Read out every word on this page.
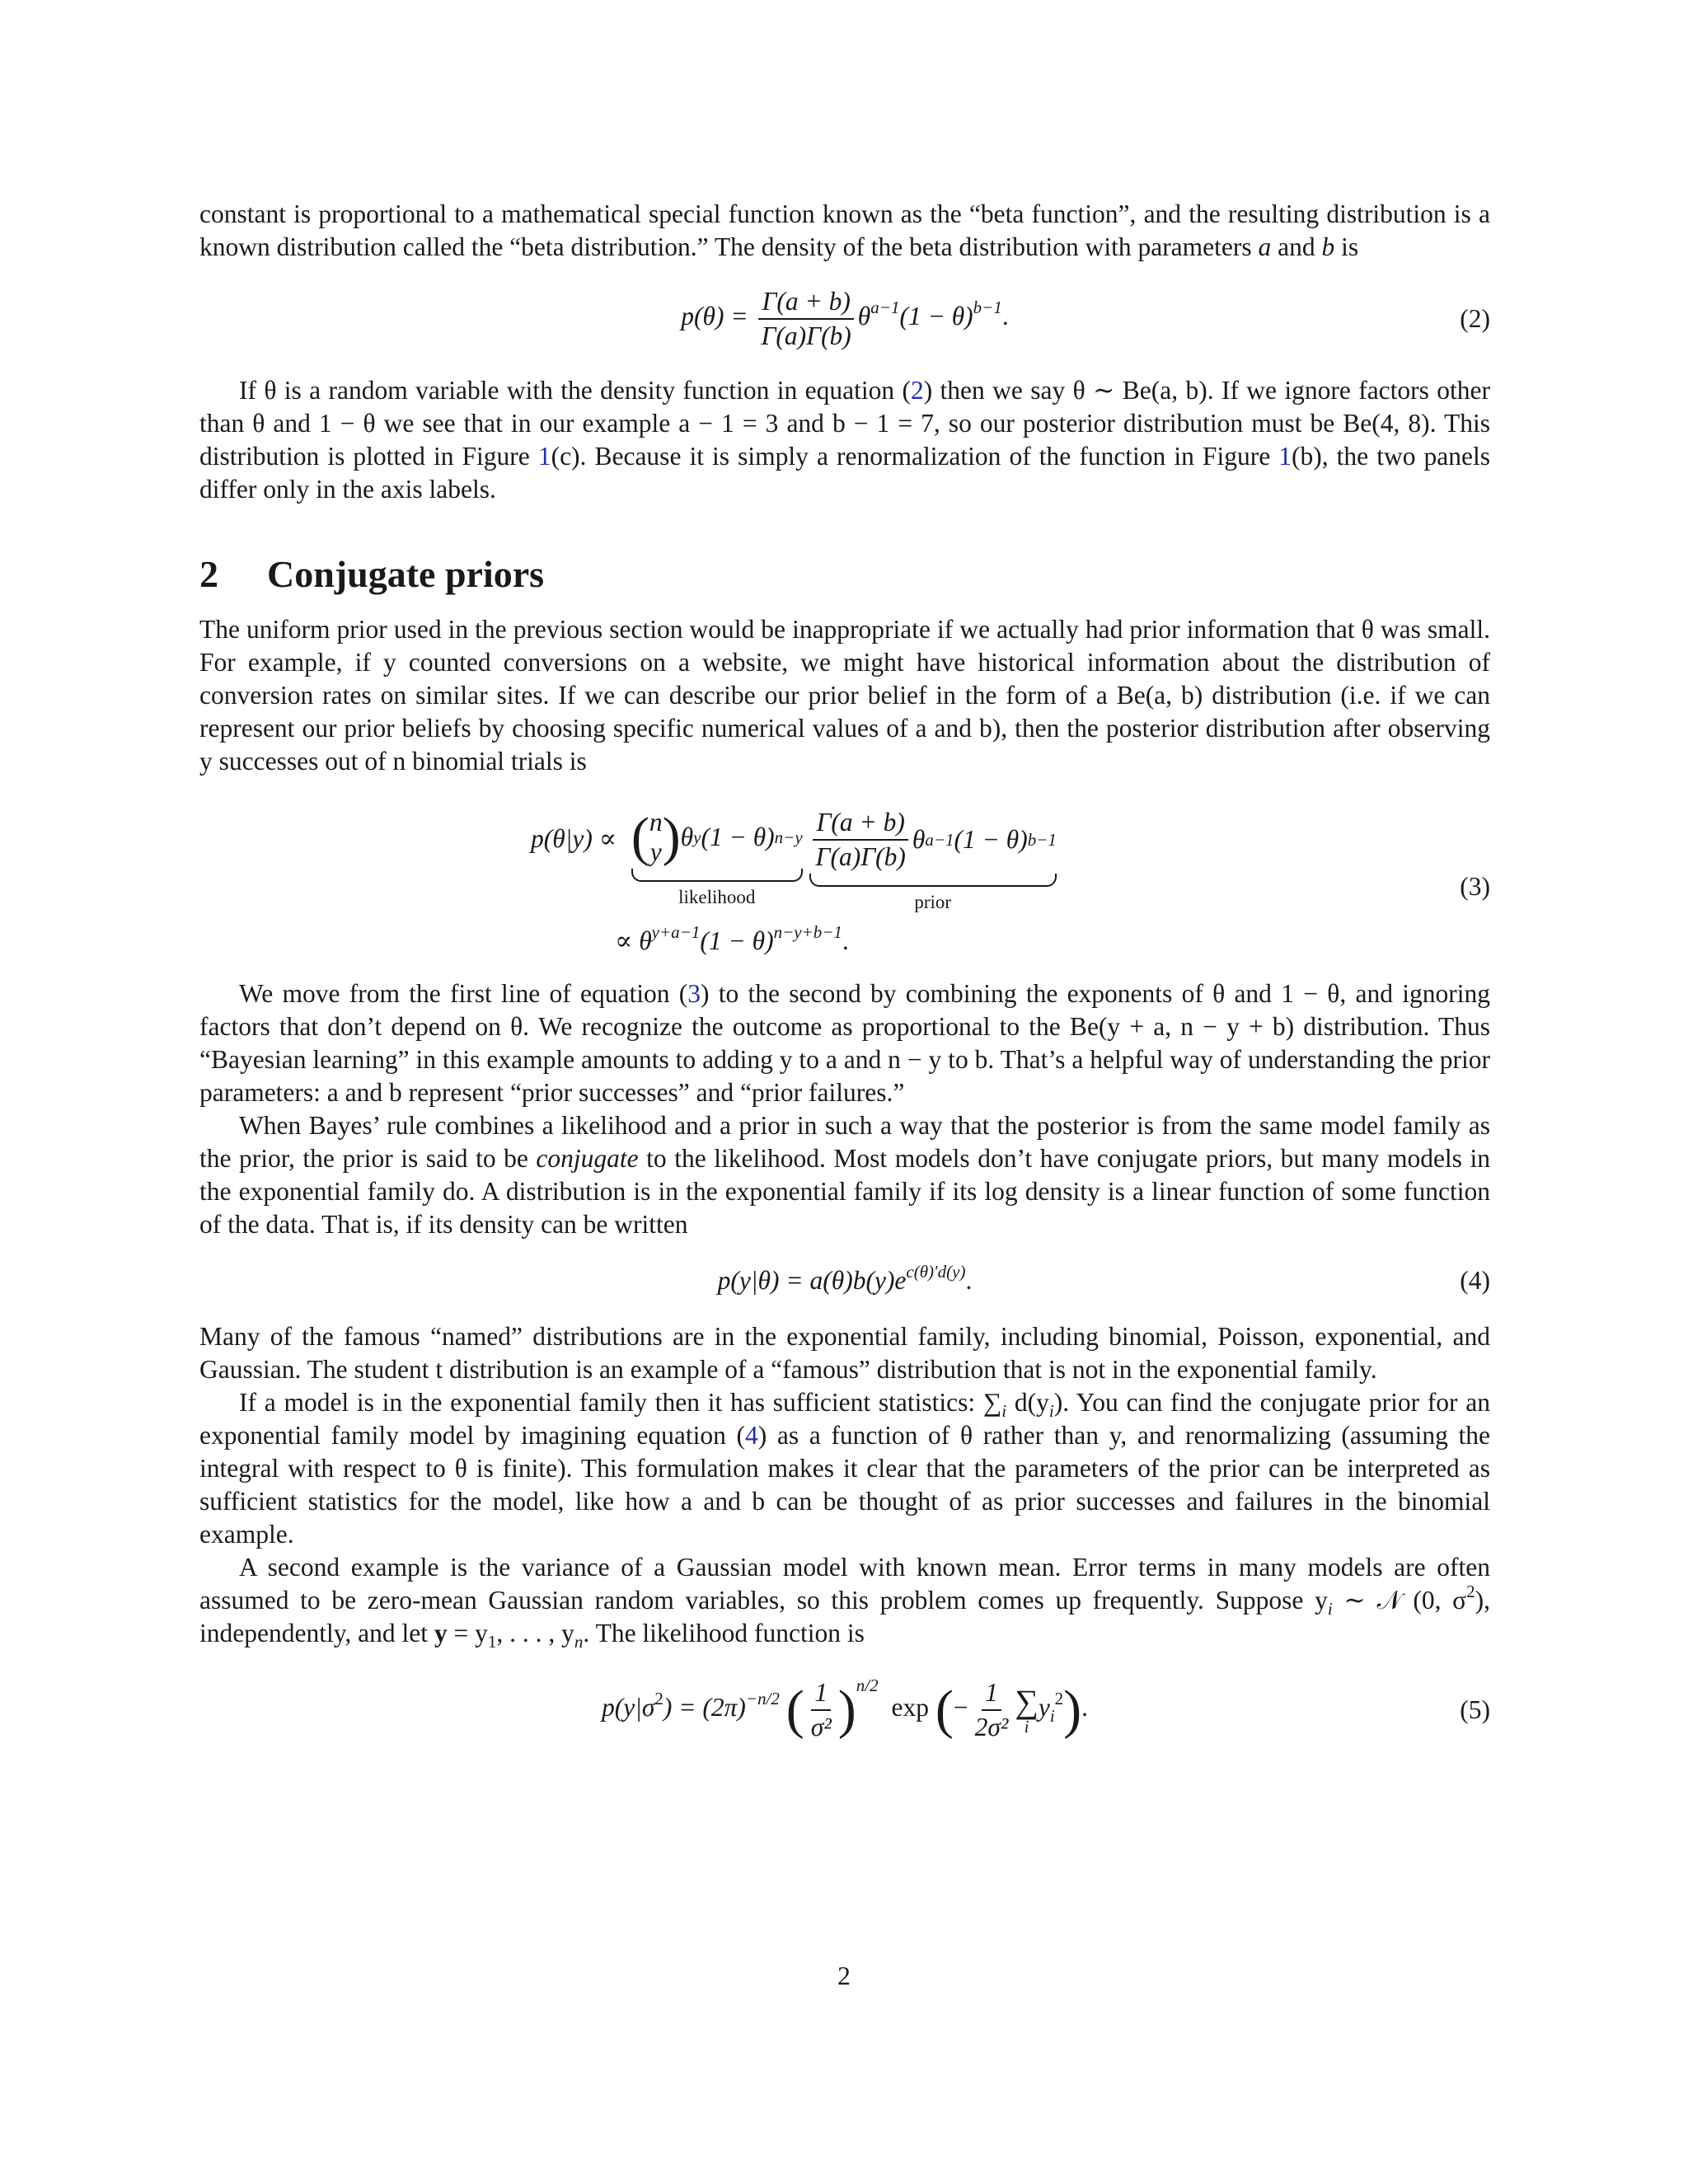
constant is proportional to a mathematical special function known as the “beta function”, and the resulting distribution is a known distribution called the “beta distribution.” The density of the beta distribution with parameters a and b is

$p(\theta) = \frac{\Gamma(a + b)}{\Gamma(a)\Gamma(b)} \theta^{a-1}(1 - \theta)^{b-1}$.	(2)

If θ is a random variable with the density function in equation (2) then we say θ ∼ Be(a, b). If we ignore factors other than θ and 1 − θ we see that in our example a − 1 = 3 and b − 1 = 7, so our posterior distribution must be Be(4, 8). This distribution is plotted in Figure 1(c). Because it is simply a renormalization of the function in Figure 1(b), the two panels differ only in the axis labels.

2 Conjugate priors

The uniform prior used in the previous section would be inappropriate if we actually had prior information that θ was small. For example, if y counted conversions on a website, we might have historical information about the distribution of conversion rates on similar sites. If we can describe our prior belief in the form of a Be(a, b) distribution (i.e. if we can represent our prior beliefs by choosing specific numerical values of a and b), then the posterior distribution after observing y successes out of n binomial trials is

p(θ|y) ∝ ( n
y ) θ y (1 − θ) n−y
likelihood

$\frac{\Gamma(a + b)}{\Gamma(a)\Gamma(b)}$ θ a−1 (1 − θ) b−1
prior
∝ $\theta^{y+a-1}(1 - \theta)^{n-y+b-1}$.
(3)

We move from the first line of equation (3) to the second by combining the exponents of θ and 1 − θ, and ignoring factors that don’t depend on θ. We recognize the outcome as proportional to the Be(y + a, n − y + b) distribution. Thus “Bayesian learning” in this example amounts to adding y to a and n − y to b. That’s a helpful way of understanding the prior parameters: a and b represent “prior successes” and “prior failures.”

When Bayes’ rule combines a likelihood and a prior in such a way that the posterior is from the same model family as the prior, the prior is said to be conjugate to the likelihood. Most models don’t have conjugate priors, but many models in the exponential family do. A distribution is in the exponential family if its log density is a linear function of some function of the data. That is, if its density can be written

$p(y|\theta) = a(\theta)b(y)e^{c(\theta)'d(y)}$.	(4)

Many of the famous “named” distributions are in the exponential family, including binomial, Poisson, exponential, and Gaussian. The student t distribution is an example of a “famous” distribution that is not in the exponential family.

If a model is in the exponential family then it has sufficient statistics: $\sum_i$ $d(y_i)$. You can find the conjugate prior for an exponential family model by imagining equation (4) as a function of θ rather than y, and renormalizing (assuming the integral with respect to θ is finite). This formulation makes it clear that the parameters of the prior can be interpreted as sufficient statistics for the model, like how a and b can be thought of as prior successes and failures in the binomial example.

A second example is the variance of a Gaussian model with known mean. Error terms in many models are often assumed to be zero-mean Gaussian random variables, so this problem comes up frequently. Suppose $y_i$ ∼ 𝒩 (0, $\sigma^2$), independently, and let $y = y_1$, . . . , $y_n$. The likelihood function is

$p(y|\sigma^2) = (2\pi)^{-n/2}$ ( $\frac{1}{\text{σ²}} )^{n/2}$ exp (− $\frac{1}{\text{2σ²}}$ ∑
i
$y_i^2$).	(5)
2
